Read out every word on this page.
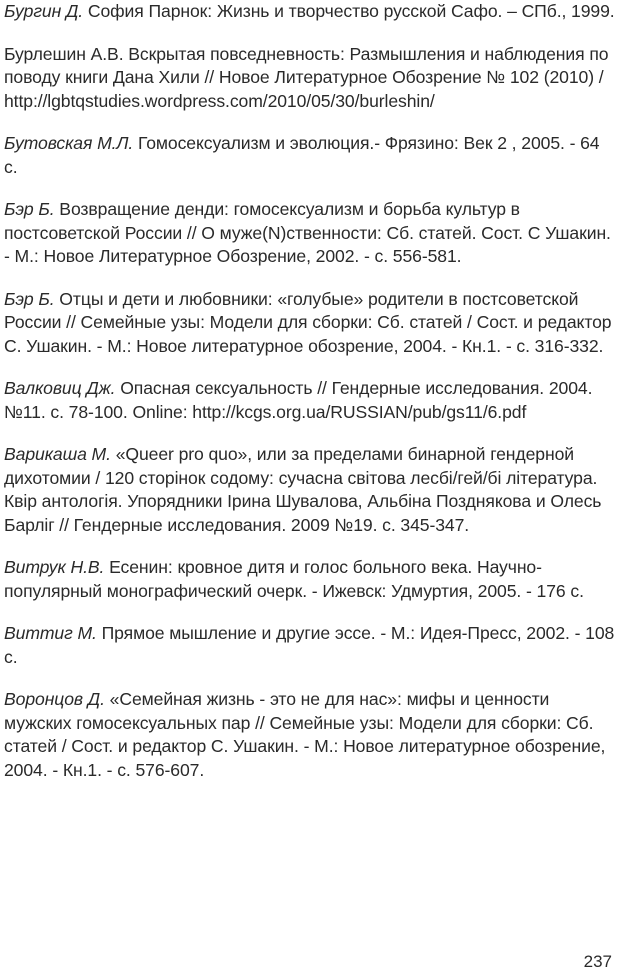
Бургин Д. София Парнок: Жизнь и творчество русской Сафо. – СПб., 1999.

Бурлешин А.В. Вскрытая повседневность: Размышления и наблюдения по поводу книги Дана Хили // Новое Литературное Обозрение № 102 (2010) / http://lgbtqstudies.wordpress.com/2010/05/30/burleshin/

Бутовская М.Л. Гомосексуализм и эволюция.- Фрязино: Век 2 , 2005. - 64 с.

Бэр Б. Возвращение денди: гомосексуализм и борьба культур в постсоветской России // О муже(N)ственности: Сб. статей. Сост. С Ушакин. - М.: Новое Литературное Обозрение, 2002. - с. 556-581.

Бэр Б. Отцы и дети и любовники: «голубые» родители в постсоветской России // Семейные узы: Модели для сборки: Сб. статей / Сост. и редактор С. Ушакин. - М.: Новое литературное обозрение, 2004. - Кн.1. - с. 316-332.

Валковиц Дж. Опасная сексуальность // Гендерные исследования. 2004. №11. с. 78-100. Online: http://kcgs.org.ua/RUSSIAN/pub/gs11/6.pdf

Варикаша М. «Queer pro quo», или за пределами бинарной гендерной дихотомии / 120 сторінок содому: сучасна світова лесбі/гей/бі література. Квір антологія. Упорядники Ірина Шувалова, Альбіна Позднякова и Олесь Барліг // Гендерные исследования. 2009 №19. с. 345-347.

Витрук Н.В. Есенин: кровное дитя и голос больного века. Научно-популярный монографический очерк. - Ижевск: Удмуртия, 2005. - 176 с.

Виттиг М. Прямое мышление и другие эссе. - М.: Идея-Пресс, 2002. - 108 с.

Воронцов Д. «Семейная жизнь - это не для нас»: мифы и ценности мужских гомосексуальных пар // Семейные узы: Модели для сборки: Сб. статей / Сост. и редактор С. Ушакин. - М.: Новое литературное обозрение, 2004. - Кн.1. - с. 576-607.

237
